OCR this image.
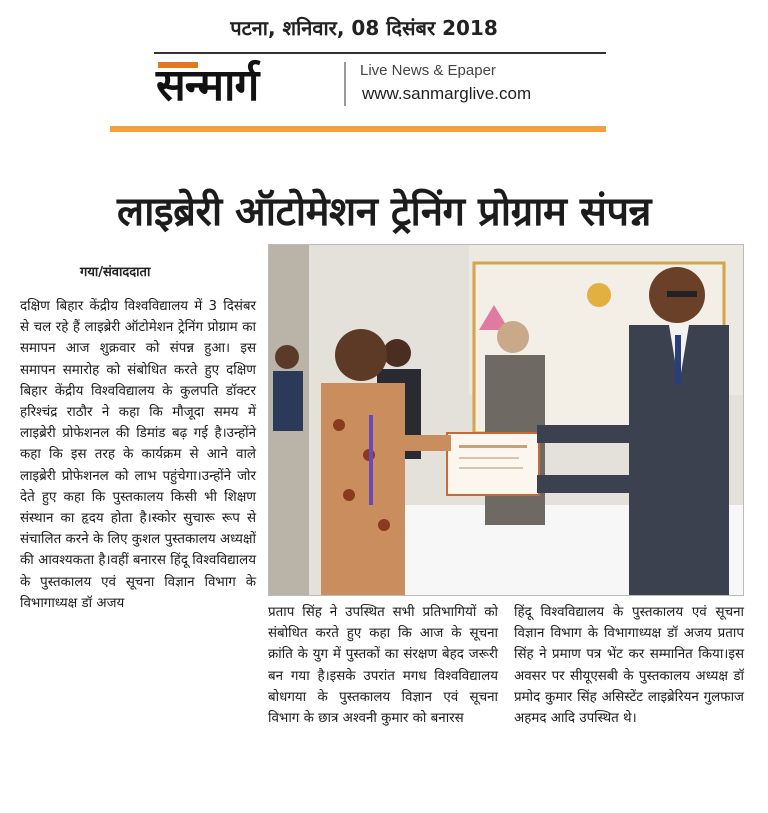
पटना, शनिवार, 08 दिसंबर 2018
सन्मार्ग	Live News & Epaper
www.sanmarglive.com
लाइब्रेरी ऑटोमेशन ट्रेनिंग प्रोग्राम संपन्न
गया/संवाददाता
दक्षिण बिहार केंद्रीय विश्वविद्यालय में 3 दिसंबर से चल रहे हैं लाइब्रेरी ऑटोमेशन ट्रेनिंग प्रोग्राम का समापन आज शुक्रवार को संपन्न हुआ। इस समापन समारोह को संबोधित करते हुए दक्षिण बिहार केंद्रीय विश्वविद्यालय के कुलपति डॉक्टर हरिश्चंद्र राठौर ने कहा कि मौजूदा समय में लाइब्रेरी प्रोफेशनल की डिमांड बढ़ गई है।उन्होंने कहा कि इस तरह के कार्यक्रम से आने वाले लाइब्रेरी प्रोफेशनल को लाभ पहुंचेगा।उन्होंने जोर देते हुए कहा कि पुस्तकालय किसी भी शिक्षण संस्थान का हृदय होता है।स्कोर सुचारू रूप से संचालित करने के लिए कुशल पुस्तकालय अध्यक्षों की आवश्यकता है।वहीं बनारस हिंदू विश्वविद्यालय के पुस्तकालय एवं सूचना विज्ञान विभाग के विभागाध्यक्ष डॉ अजय
प्रताप सिंह ने उपस्थित सभी प्रतिभागियों को संबोधित करते हुए कहा कि आज के सूचना क्रांति के युग में पुस्तकों का संरक्षण बेहद जरूरी बन गया है।इसके उपरांत मगध विश्वविद्यालय बोधगया के पुस्तकालय विज्ञान एवं सूचना विभाग के छात्र अश्वनी कुमार को बनारस
हिंदू विश्वविद्यालय के पुस्तकालय एवं सूचना विज्ञान विभाग के विभागाध्यक्ष डॉ अजय प्रताप सिंह ने प्रमाण पत्र भेंट कर सम्मानित किया।इस अवसर पर सीयूएसबी के पुस्तकालय अध्यक्ष डॉ प्रमोद कुमार सिंह असिस्टेंट लाइब्रेरियन गुलफाज अहमद आदि उपस्थित थे।
